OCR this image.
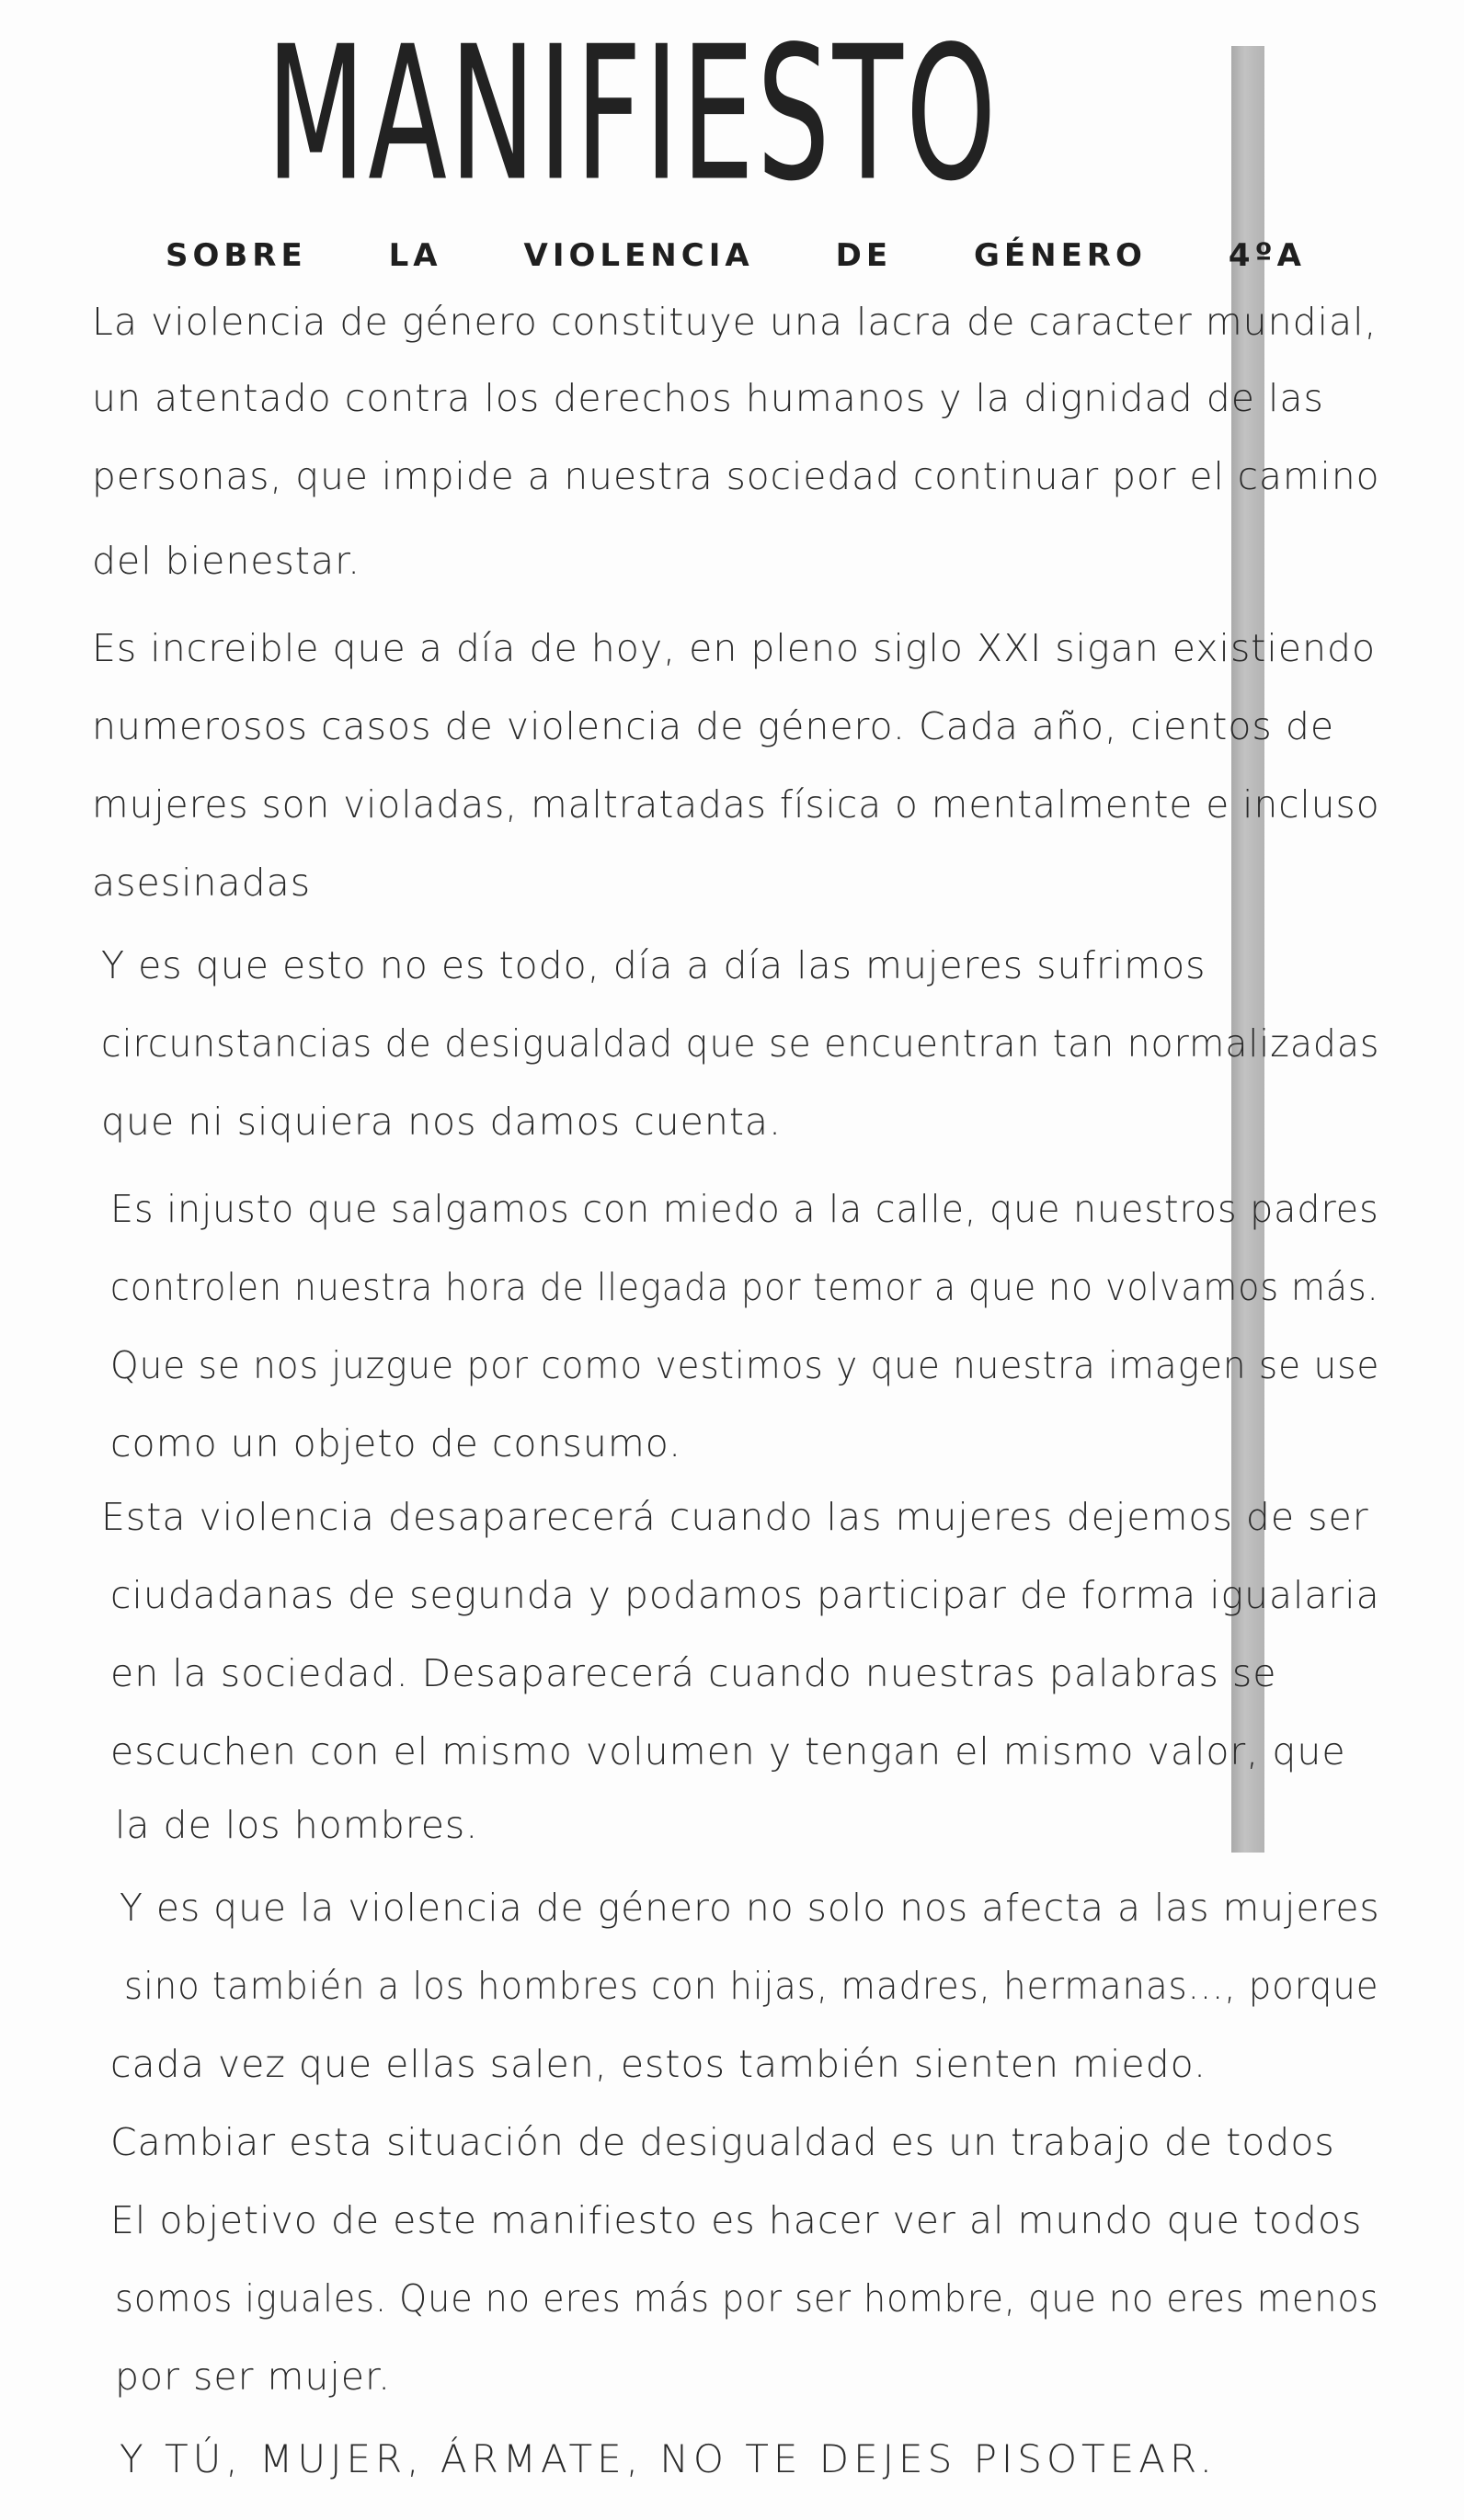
MANIFIESTO
SOBRE	LA	VIOLENCIA	DE	GÉNERO	4ºA
La violencia de género constituye una lacra de caracter mundial,
un atentado contra los derechos humanos y la dignidad de las
personas, que impide a nuestra sociedad continuar por el camino
del bienestar.
Es increible que a día de hoy, en pleno siglo XXI sigan existiendo
numerosos casos de violencia de género. Cada año, cientos de
mujeres son violadas, maltratadas física o mentalmente e incluso
asesinadas
Y es que esto no es todo, día a día las mujeres sufrimos
circunstancias de desigualdad que se encuentran tan normalizadas
que ni siquiera nos damos cuenta.
Es injusto que salgamos con miedo a la calle, que nuestros padres
controlen nuestra hora de llegada por temor a que no volvamos más.
Que se nos juzgue por como vestimos y que nuestra imagen se use
como un objeto de consumo.
Esta violencia desaparecerá cuando las mujeres dejemos de ser
ciudadanas de segunda y podamos participar de forma igualaria
en la sociedad. Desaparecerá cuando nuestras palabras se
escuchen con el mismo volumen y tengan el mismo valor, que
la de los hombres.
Y es que la violencia de género no solo nos afecta a las mujeres
sino también a los hombres con hijas, madres, hermanas..., porque
cada vez que ellas salen, estos también sienten miedo.
Cambiar esta situación de desigualdad es un trabajo de todos
El objetivo de este manifiesto es hacer ver al mundo que todos
somos iguales. Que no eres más por ser hombre, que no eres menos
por ser mujer.
Y TÚ, MUJER, ÁRMATE, NO TE DEJES PISOTEAR.
